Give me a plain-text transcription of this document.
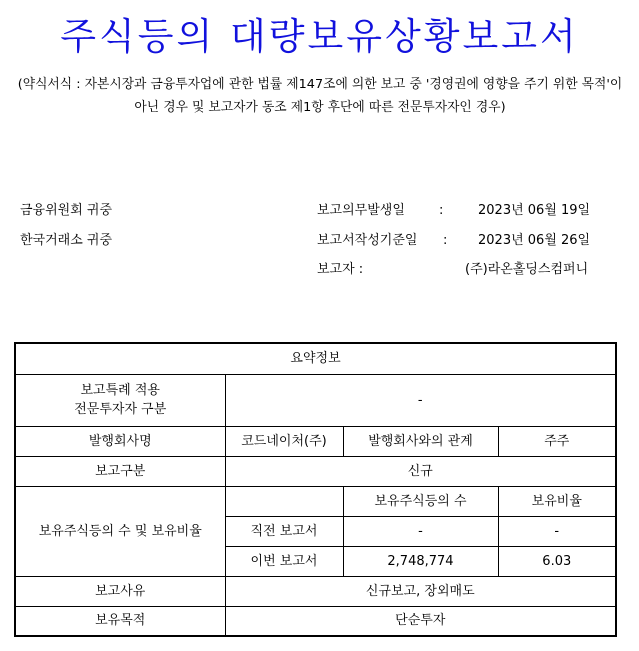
주식등의 대량보유상황보고서
(약식서식 : 자본시장과 금융투자업에 관한 법률 제147조에 의한 보고 중 '경영권에 영향을 주기 위한 목적'이 아닌 경우 및 보고자가 동조 제1항 후단에 따른 전문투자자인 경우)
금융위원회 귀중
한국거래소 귀중
보고의무발생일	:	2023년 06월 19일
보고서작성기준일 : 2023년 06월 26일
보고자 :	(주)라온홀딩스컴퍼니
요약정보			

보고특례 적용
전문투자자 구분	-		
발행회사명	코드네이처(주)	발행회사와의 관계	주주
보고구분	신규		
보유주식등의 수 및 보유비율		보유주식등의 수	보유비율
	직전 보고서	-	-
	이번 보고서	2,748,774	6.03
보고사유	신규보고, 장외매도		
보유목적	단순투자		
